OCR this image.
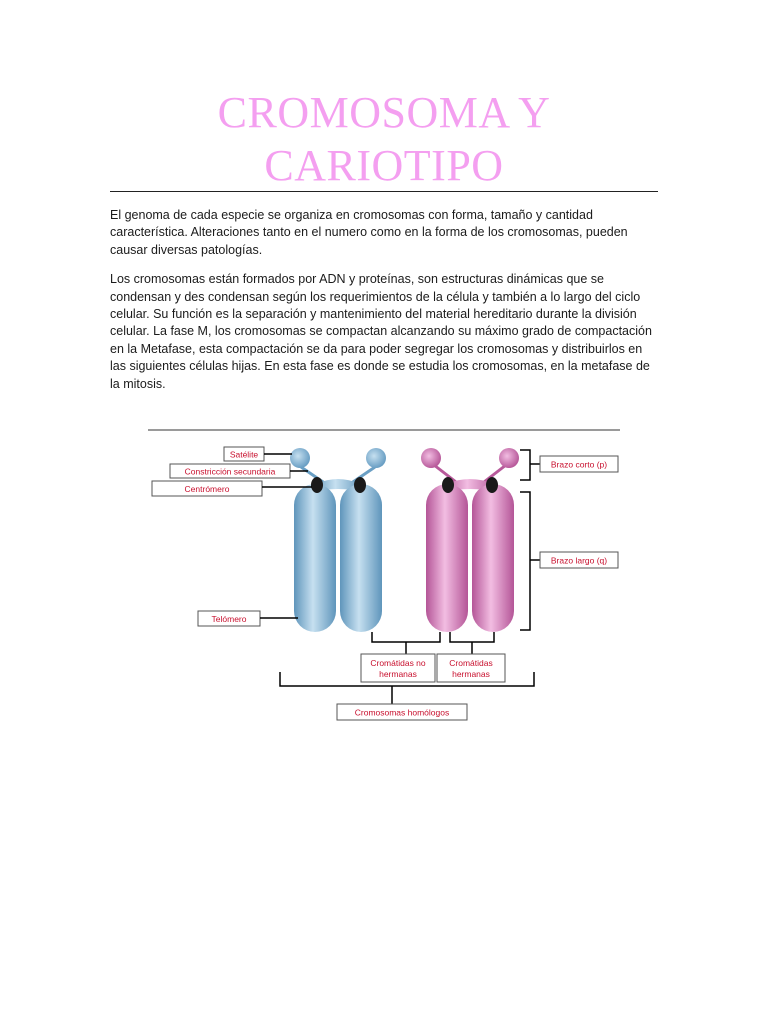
CROMOSOMA Y
CARIOTIPO

El genoma de cada especie se organiza en cromosomas con forma, tamaño y cantidad característica. Alteraciones tanto en el numero como en la forma de los cromosomas, pueden causar diversas patologías.

Los cromosomas están formados por ADN y proteínas, son estructuras dinámicas que se condensan y des condensan según los requerimientos de la célula y también a lo largo del ciclo celular. Su función es la separación y mantenimiento del material hereditario durante la división celular. La fase M, los cromosomas se compactan alcanzando su máximo grado de compactación en la Metafase, esta compactación se da para poder segregar los cromosomas y distribuirlos en las siguientes células hijas. En esta fase es donde se estudia los cromosomas, en la metafase de la mitosis.

Satélite
Constricción secundaria
Centrómero
Telómero
Brazo corto (p)
Brazo largo (q)
Cromátidas no
hermanas
Cromátidas
hermanas
Cromosomas homólogos
